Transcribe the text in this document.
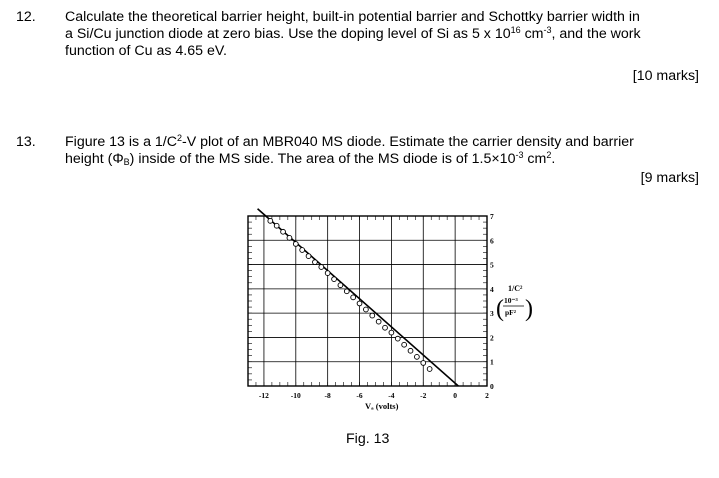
12. Calculate the theoretical barrier height, built-in potential barrier and Schottky barrier width in
a Si/Cu junction diode at zero bias. Use the doping level of Si as 5 x $10^{16}$ $cm^{-3}$, and the work
function of Cu as 4.65 eV.
[10 marks]
13. Figure 13 is a $1/C^2-V$ plot of an MBR040 MS diode. Estimate the carrier density and barrier
height $(\Phi_B)$ inside of the MS side. The area of the MS diode is of $1.5\times 10^{-3}$ $cm^2$.
[9 marks]
-12	-10	-8	-6	-4	-2	0	2
0
1
2
3
4
5
6
7
Vₐ (volts)
1/C²
( 10⁻³
pF² )
Fig. 13
